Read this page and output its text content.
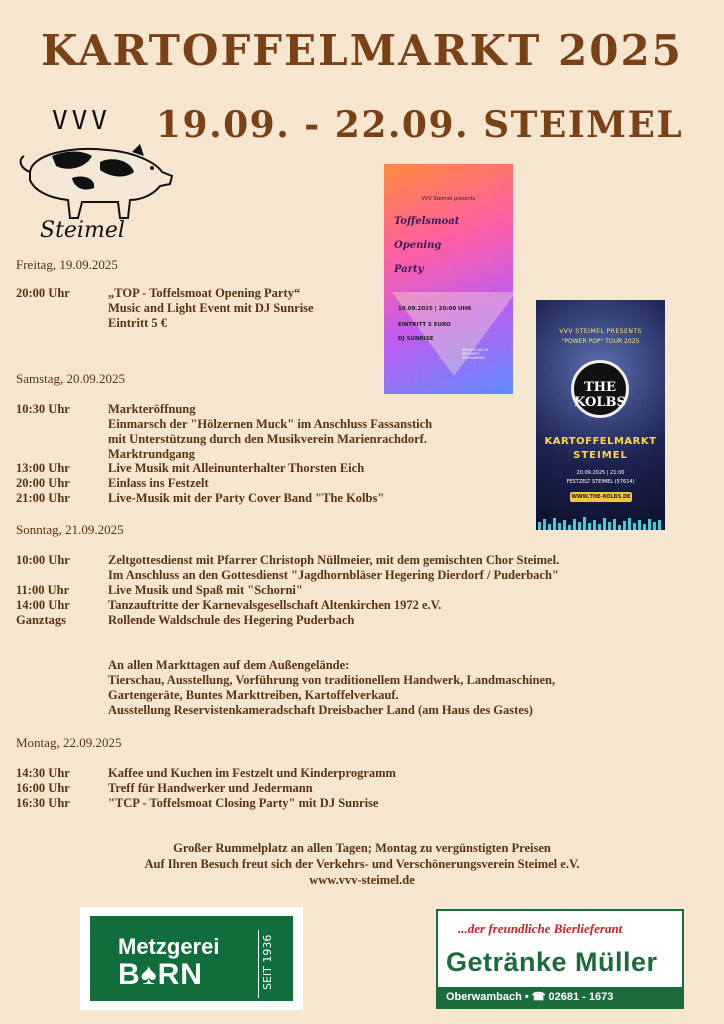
KARTOFFELMARKT 2025
19.09. - 22.09. STEIMEL
VVV
Steimel
Freitag, 19.09.2025
20:00 Uhr	„TOP - Toffelsmoat Opening Party“
Music and Light Event mit DJ Sunrise
Eintritt 5 €
Samstag, 20.09.2025
10:30 Uhr	Markteröffnung
Einmarsch der "Hölzernen Muck" im Anschluss Fassanstich
mit Unterstützung durch den Musikverein Marienrachdorf.
Marktrundgang
13:00 Uhr	Live Musik mit Alleinunterhalter Thorsten Eich
20:00 Uhr	Einlass ins Festzelt
21:00 Uhr	Live-Musik mit der Party Cover Band "The Kolbs"
Sonntag, 21.09.2025
10:00 Uhr	Zeltgottesdienst mit Pfarrer Christoph Nüllmeier, mit dem gemischten Chor Steimel.
Im Anschluss an den Gottesdienst "Jagdhornbläser Hegering Dierdorf / Puderbach"
11:00 Uhr	Live Musik und Spaß mit "Schorni"
14:00 Uhr	Tanzauftritte der Karnevalsgesellschaft Altenkirchen 1972 e.V.
Ganztags	Rollende Waldschule des Hegering Puderbach
An allen Markttagen auf dem Außengelände:
Tierschau, Ausstellung, Vorführung von traditionellem Handwerk, Landmaschinen,
Gartengeräte, Buntes Markttreiben, Kartoffelverkauf.
Ausstellung Reservistenkameradschaft Dreisbacher Land (am Haus des Gastes)
Montag, 22.09.2025
14:30 Uhr	Kaffee und Kuchen im Festzelt und Kinderprogramm
16:00 Uhr	Treff für Handwerker und Jedermann
16:30 Uhr	"TCP - Toffelsmoat Closing Party" mit DJ Sunrise
Großer Rummelplatz an allen Tagen; Montag zu vergünstigten Preisen
Auf Ihren Besuch freut sich der Verkehrs- und Verschönerungsverein Steimel e.V.
www.vvv-steimel.de
VVV Steimel presents
Toffelsmoat
Opening
Party
19.09.2025 | 20:00 UHR
EINTRITT 5 EURO
DJ SUNRISE
EINLASS AB 18 SECURITY VORHANDEN
VVV STEIMEL PRESENTS
"POWER POP" TOUR 2025
THE KOLBS
KARTOFFELMARKT
STEIMEL
20.09.2025 | 21:00
FESTZELT STEIMEL (57614)
WWW.THE-KOLBS.DE
Metzgerei
B♠RN	SEIT 1936
...der freundliche Bierlieferant
Getränke Müller
Oberwambach • ☎ 02681 - 1673
